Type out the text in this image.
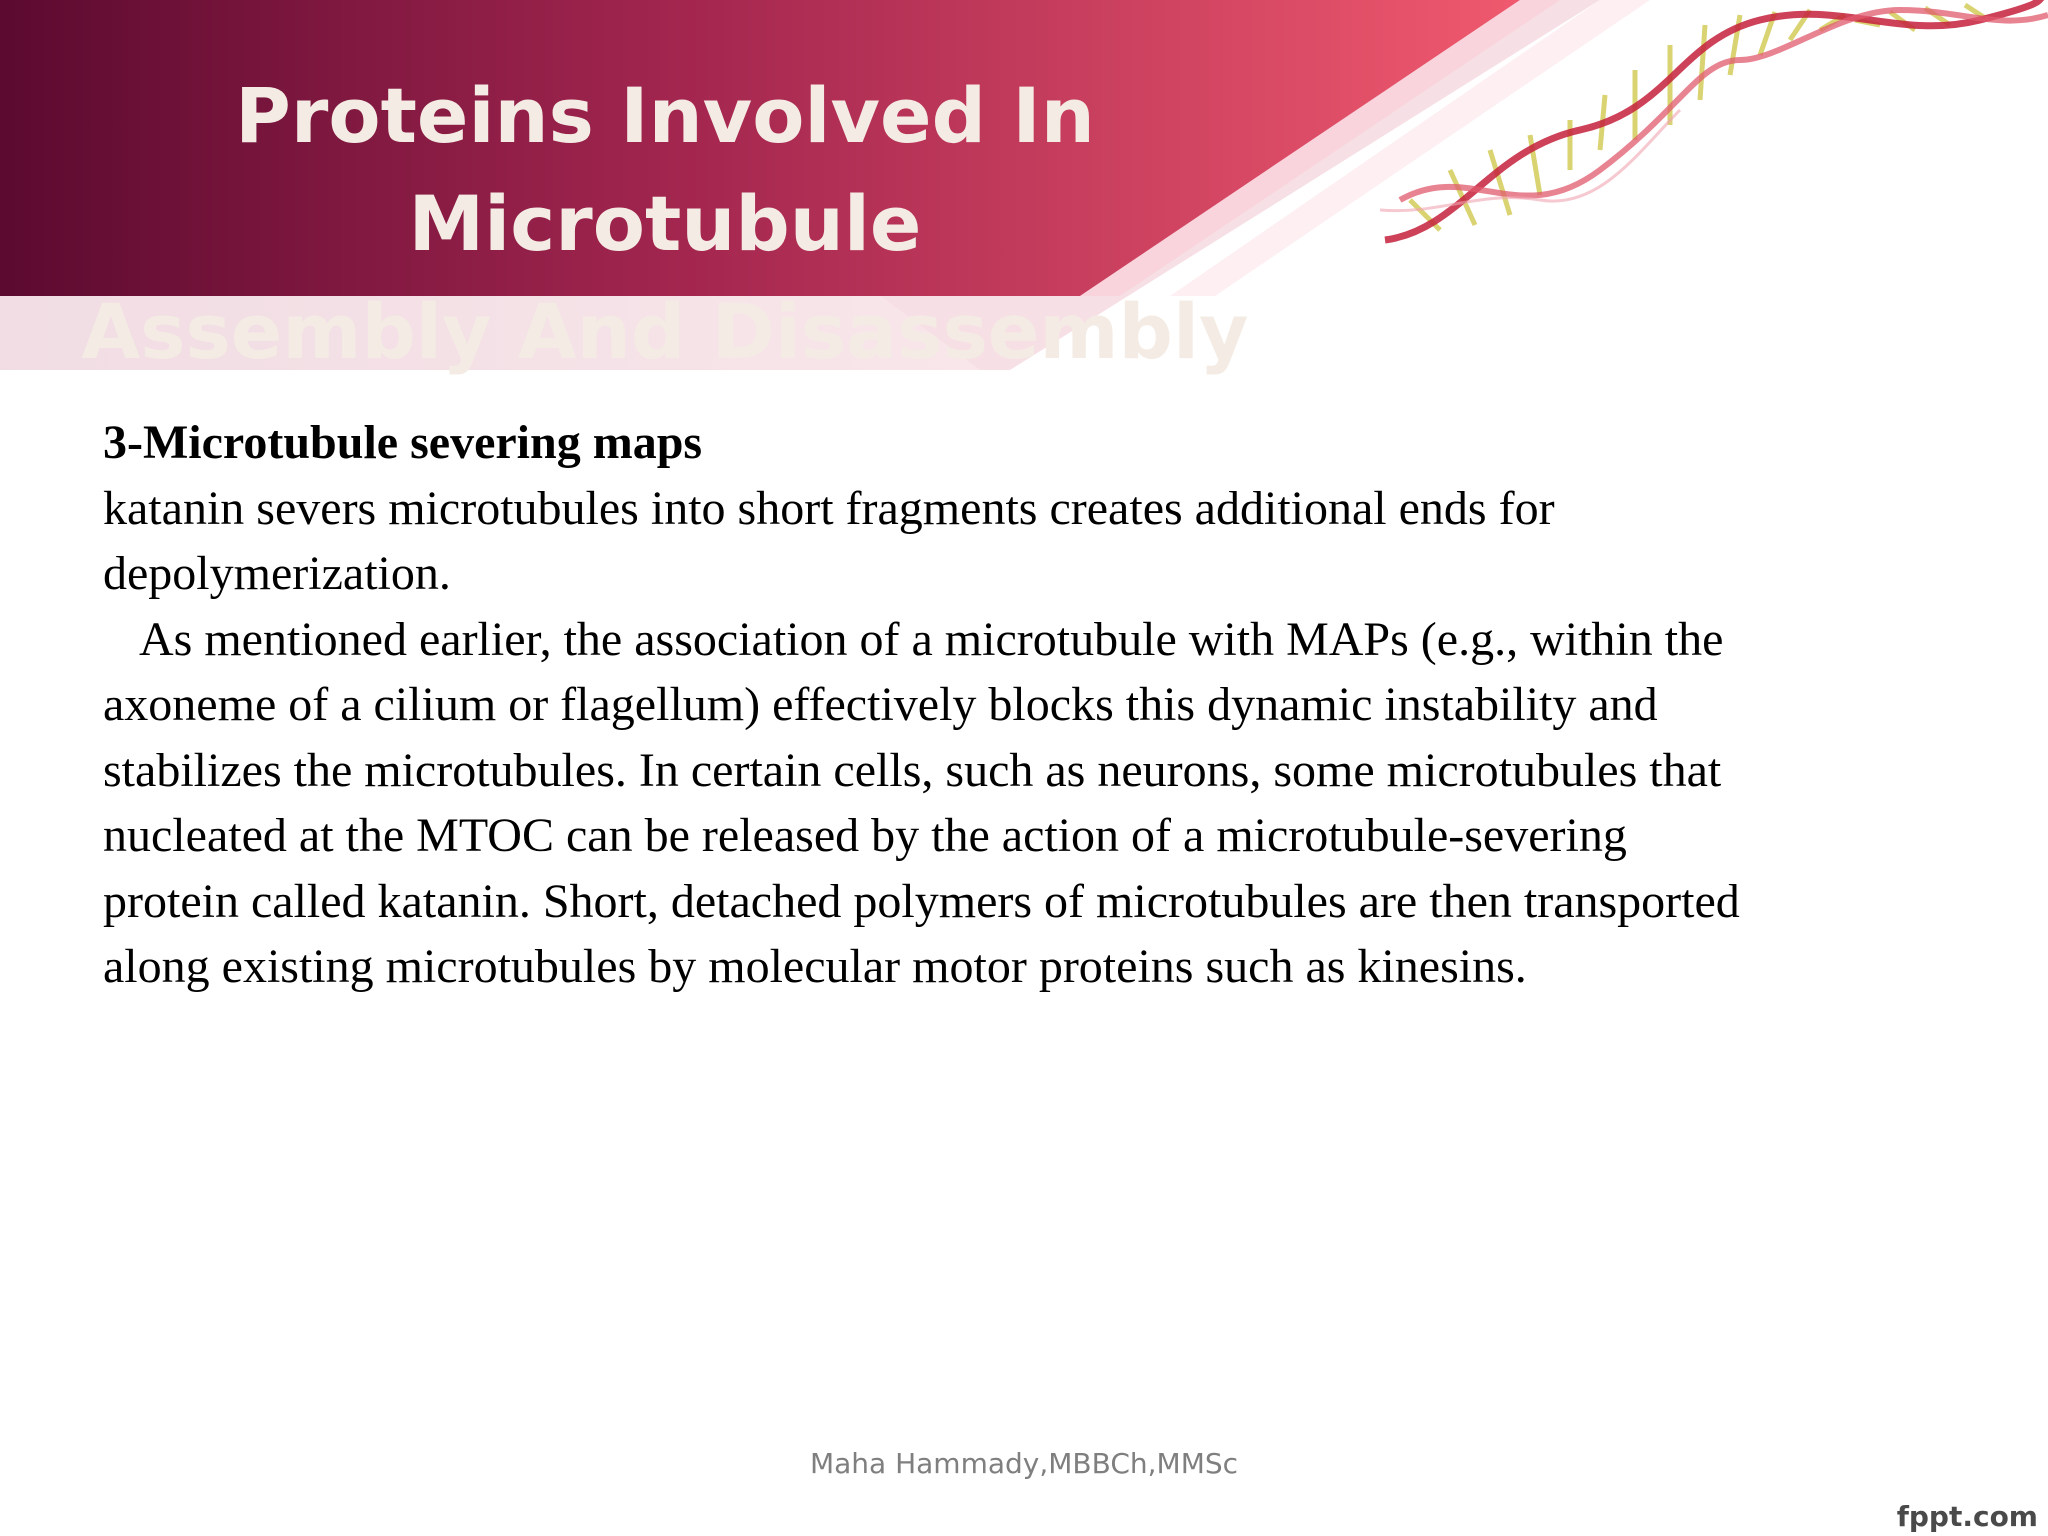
Proteins Involved In Microtubule
Assembly And Disassembly
3-Microtubule severing maps
katanin severs microtubules into short fragments creates additional ends for depolymerization.
As mentioned earlier, the association of a microtubule with MAPs (e.g., within the axoneme of a cilium or flagellum) effectively blocks this dynamic instability and stabilizes the microtubules. In certain cells, such as neurons, some microtubules that nucleated at the MTOC can be released by the action of a microtubule-severing protein called katanin. Short, detached polymers of microtubules are then transported along existing microtubules by molecular motor proteins such as kinesins.
Maha Hammady,MBBCh,MMSc
fppt.com
